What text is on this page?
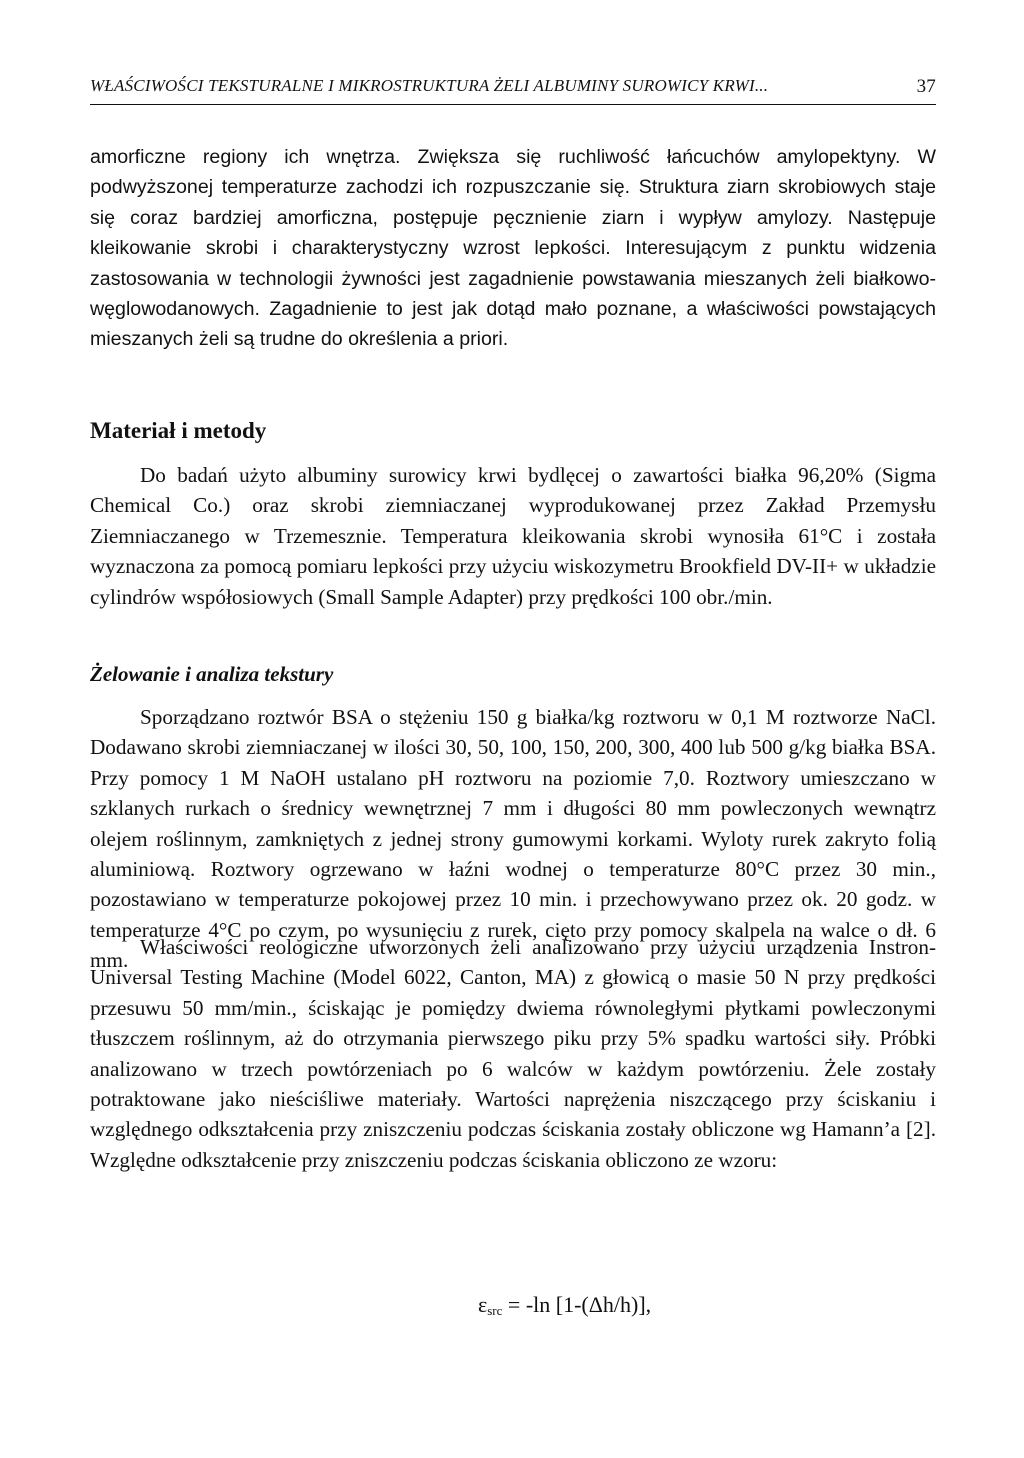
WŁAŚCIWOŚCI TEKSTURALNE I MIKROSTRUKTURA ŻELI ALBUMINY SUROWICY KRWI...	37

amorficzne regiony ich wnętrza. Zwiększa się ruchliwość łańcuchów amylopektyny. W podwyższonej temperaturze zachodzi ich rozpuszczanie się. Struktura ziarn skrobiowych staje się coraz bardziej amorficzna, postępuje pęcznienie ziarn i wypływ amylozy. Następuje kleikowanie skrobi i charakterystyczny wzrost lepkości. Interesującym z punktu widzenia zastosowania w technologii żywności jest zagadnienie powstawania mieszanych żeli białkowo-węglowodanowych. Zagadnienie to jest jak dotąd mało poznane, a właściwości powstających mieszanych żeli są trudne do określenia a priori.

Materiał i metody

Do badań użyto albuminy surowicy krwi bydlęcej o zawartości białka 96,20% (Sigma Chemical Co.) oraz skrobi ziemniaczanej wyprodukowanej przez Zakład Przemysłu Ziemniaczanego w Trzemesznie. Temperatura kleikowania skrobi wynosiła 61°C i została wyznaczona za pomocą pomiaru lepkości przy użyciu wiskozymetru Brookfield DV-II+ w układzie cylindrów współosiowych (Small Sample Adapter) przy prędkości 100 obr./min.

Żelowanie i analiza tekstury

Sporządzano roztwór BSA o stężeniu 150 g białka/kg roztworu w 0,1 M roztworze NaCl. Dodawano skrobi ziemniaczanej w ilości 30, 50, 100, 150, 200, 300, 400 lub 500 g/kg białka BSA. Przy pomocy 1 M NaOH ustalano pH roztworu na poziomie 7,0. Roztwory umieszczano w szklanych rurkach o średnicy wewnętrznej 7 mm i długości 80 mm powleczonych wewnątrz olejem roślinnym, zamkniętych z jednej strony gumowymi korkami. Wyloty rurek zakryto folią aluminiową. Roztwory ogrzewano w łaźni wodnej o temperaturze 80°C przez 30 min., pozostawiano w temperaturze pokojowej przez 10 min. i przechowywano przez ok. 20 godz. w temperaturze 4°C po czym, po wysunięciu z rurek, cięto przy pomocy skalpela na walce o dł. 6 mm.

Właściwości reologiczne utworzonych żeli analizowano przy użyciu urządzenia Instron-Universal Testing Machine (Model 6022, Canton, MA) z głowicą o masie 50 N przy prędkości przesuwu 50 mm/min., ściskając je pomiędzy dwiema równoległymi płytkami powleczonymi tłuszczem roślinnym, aż do otrzymania pierwszego piku przy 5% spadku wartości siły. Próbki analizowano w trzech powtórzeniach po 6 walców w każdym powtórzeniu. Żele zostały potraktowane jako nieściśliwe materiały. Wartości naprężenia niszczącego przy ściskaniu i względnego odkształcenia przy zniszczeniu podczas ściskania zostały obliczone wg Hamann’a [2]. Względne odkształcenie przy zniszczeniu podczas ściskania obliczono ze wzoru:

$\varepsilon_{src} = -\ln$ [1-(Δh/h)],
